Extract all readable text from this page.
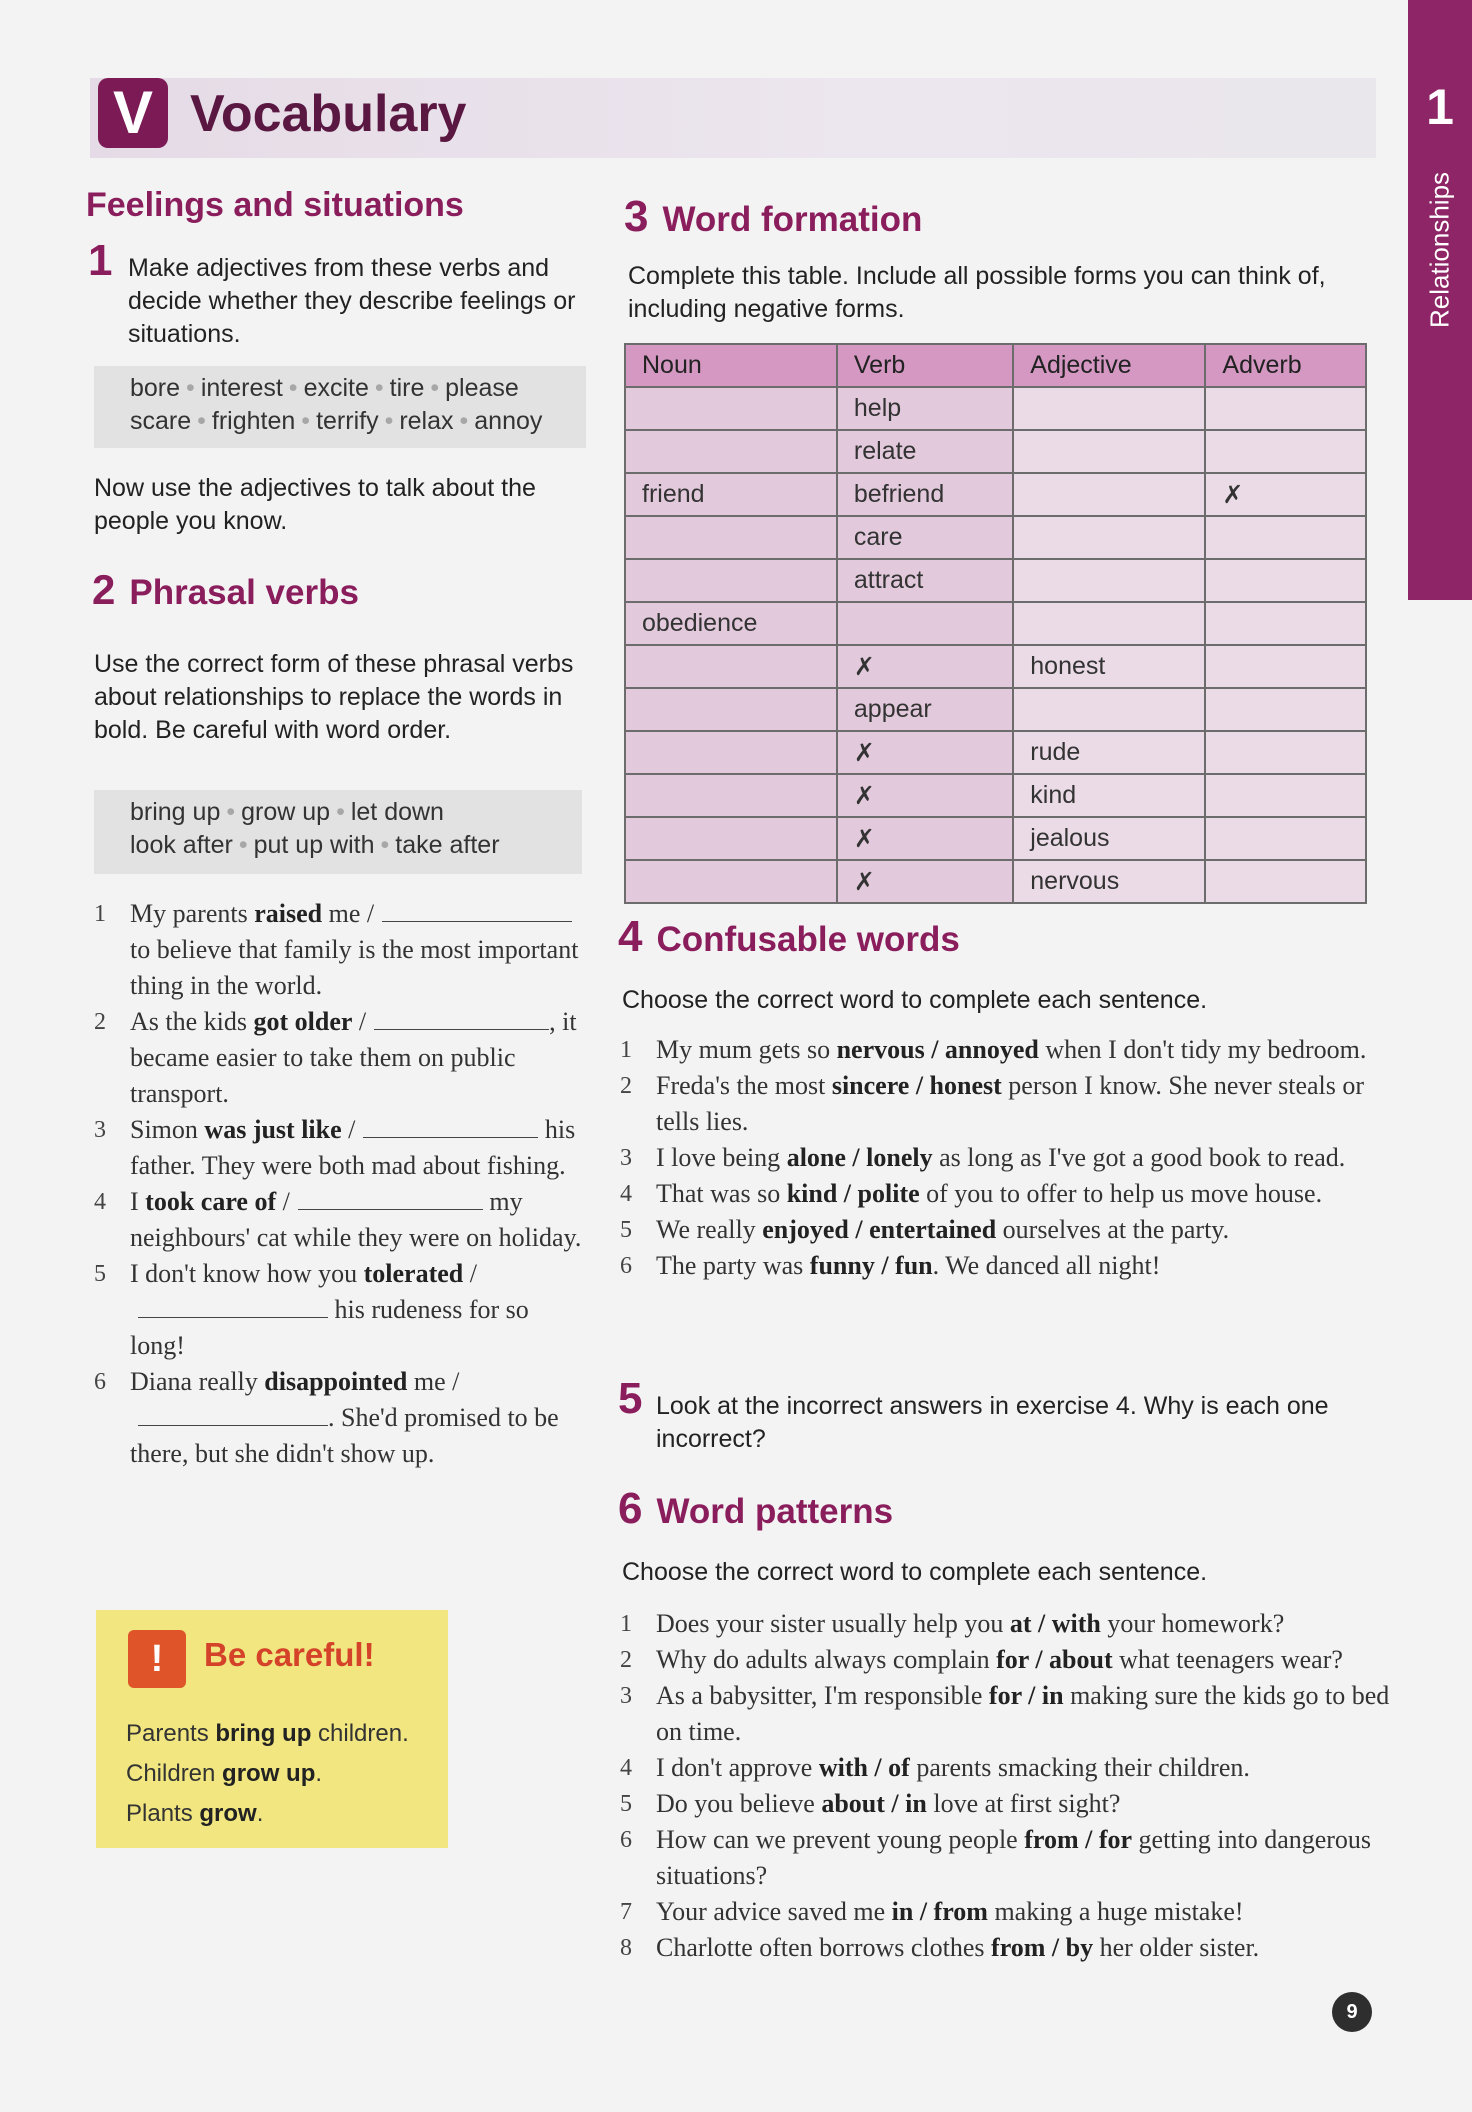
V Vocabulary	1
Relationships
Feelings and situations
1 Make adjectives from these verbs and decide whether they describe feelings or situations.
bore • interest • excite • tire • please
scare • frighten • terrify • relax • annoy
Now use the adjectives to talk about the people you know.
2 Phrasal verbs
Use the correct form of these phrasal verbs about relationships to replace the words in bold. Be careful with word order.
bring up • grow up • let down
look after • put up with • take after
1 My parents raised me / to believe that family is the most important thing in the world.
2 As the kids got older /	, it became easier to take them on public transport.
3 Simon was just like /	his father. They were both mad about fishing.
4 I took care of /	my neighbours' cat while they were on holiday.
5 I don't know how you tolerated / his rudeness for so long!
6 Diana really disappointed me /. She'd promised to be there, but she didn't show up.
!	Be careful!
Parents bring up children.
Children grow up.
Plants grow.
3 Word formation
Complete this table. Include all possible forms you can think of, including negative forms.
Noun	Verb	Adjective	Adverb
	help		
	relate		
friend	befriend		✗
	care		
	attract		
obedience			
	✗	honest	
	appear		
	✗	rude	
	✗	kind	
	✗	jealous	
	✗	nervous	
4 Confusable words
Choose the correct word to complete each sentence.
1 My mum gets so nervous / annoyed when I don't tidy my bedroom.
2 Freda's the most sincere / honest person I know. She never steals or tells lies.
3 I love being alone / lonely as long as I've got a good book to read.
4 That was so kind / polite of you to offer to help us move house.
5 We really enjoyed / entertained ourselves at the party.
6 The party was funny / fun. We danced all night!
5 Look at the incorrect answers in exercise 4. Why is each one incorrect?
6 Word patterns
Choose the correct word to complete each sentence.
1 Does your sister usually help you at / with your homework?
2 Why do adults always complain for / about what teenagers wear?
3 As a babysitter, I'm responsible for / in making sure the kids go to bed on time.
4 I don't approve with / of parents smacking their children.
5 Do you believe about / in love at first sight?
6 How can we prevent young people from / for getting into dangerous situations?
7 Your advice saved me in / from making a huge mistake!
8 Charlotte often borrows clothes from / by her older sister.
9
